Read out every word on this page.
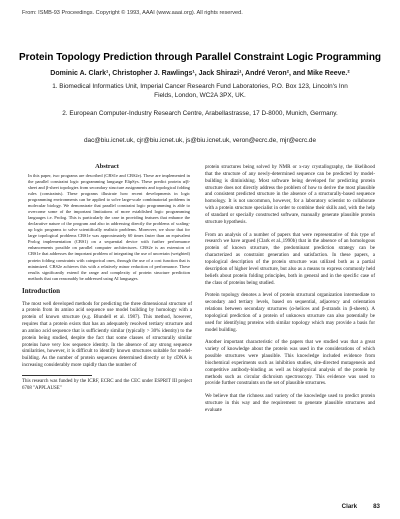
From: ISMB-93 Proceedings. Copyright © 1993, AAAI (www.aaai.org). All rights reserved.
Protein Topology Prediction through Parallel Constraint Logic Programming
Dominic A. Clark¹, Christopher J. Rawlings¹, Jack Shirazi¹, André Veron², and Mike Reeve.²
1. Biomedical Informatics Unit, Imperial Cancer Research Fund Laboratories, P.O. Box 123, Lincoln's Inn Fields, London, WC2A 3PX, UK.
2. European Computer-Industry Research Centre, Arabellastrasse, 17 D-8000, Munich, Germany.
dac@biu.icnet.uk, cjr@biu.icnet.uk, js@biu.icnet.uk, veron@ecrc.de, mjr@ecrc.de
Abstract

In this paper, two programs are described (CBS1e and CBS2e). These are implemented in the parallel constraint logic programming language ElipSys. These predict protein α/β-sheet and β-sheet topologies from secondary structure assignments and topological folding rules (constraints). These programs illustrate how recent developments in logic programming environments can be applied to solve large-scale combinatorial problems in molecular biology. We demonstrate that parallel constraint logic programming is able to overcome some of the important limitations of more established logic programming languages i.e. Prolog. This is particularly the case in providing features that enhance the declarative nature of the program and also in addressing directly the problems of scaling-up logic programs to solve scientifically realistic problems. Moreover, we show that for large topological problems CBS1e was approximately 60 times faster than an equivalent Prolog implementation (CBS1) on a sequential device with further performance enhancements possible on parallel computer architectures. CBS2e is an extension of CBS1e that addresses the important problem of integrating the use of uncertain (weighted) protein folding constraints with categorical ones, through the use of a cost function that is minimized. CBS2e achieves this with a relatively minor reduction of performance. These results significantly extend the range and complexity of protein structure prediction methods that can reasonably be addressed using AI languages.

Introduction

The most well developed methods for predicting the three dimensional structure of a protein from its amino acid sequence use model building by homology with a protein of known structure (e.g. Blundell et al. 1987). This method, however, requires that a protein exists that has an adequately resolved tertiary structure and an amino acid sequence that is sufficiently similar (typically > 30% identity) to the protein being studied, despite the fact that some classes of structurally similar proteins have very low sequence identity. In the absence of any strong sequence similarities, however, it is difficult to identify known structures suitable for model-building. As the number of protein sequences determined directly or by cDNA is increasing considerably more rapidly than the number of

This research was funded by the ICRF, ECRC and the CEC under ESPRIT III project 6708 "APPLAUSE"

protein structures being solved by NMR or x-ray crystallography, the likelihood that the structure of any newly-determined sequence can be predicted by model-building is diminishing. Most software being developed for predicting protein structure does not directly address the problem of how to derive the most plausible and consistent predicted structure in the absence of a structurally-based sequence homology. It is not uncommon, however, for a laboratory scientist to collaborate with a protein structure specialist in order to combine their skills and, with the help of standard or specially constructed software, manually generate plausible protein structure hypothesis.

From an analysis of a number of papers that were representative of this type of research we have argued (Clark et al.,1990b) that in the absence of an homologous protein of known structure, the predominant prediction strategy can be characterized as constraint generation and satisfaction. In these papers, a topological description of the protein structure was utilized both as a partial description of higher level structure, but also as a means to express commonly held beliefs about protein folding principles, both in general and in the specific case of the class of proteins being studied.

Protein topology denotes a level of protein structural organization intermediate to secondary and tertiary levels, based on sequential, adjacency and orientation relations between secondary structures (α-helices and β-strands in β-sheets). A topological prediction of a protein of unknown structure can also potentially be used for identifying proteins with similar topology which may provide a basis for model building.

Another important characteristic of the papers that we studied was that a great variety of knowledge about the protein was used in the considerations of which possible structures were plausible. This knowledge included evidence from biochemical experiments such as inhibition studies, site-directed mutagenesis and competitive antibody-binding as well as biophysical analysis of the protein by methods such as circular dichroism spectroscopy. This evidence was used to provide further constraints on the set of plausible structures.

We believe that the richness and variety of the knowledge used to predict protein structure in this way and the requirement to generate plausible structures and evaluate

Clark	83
